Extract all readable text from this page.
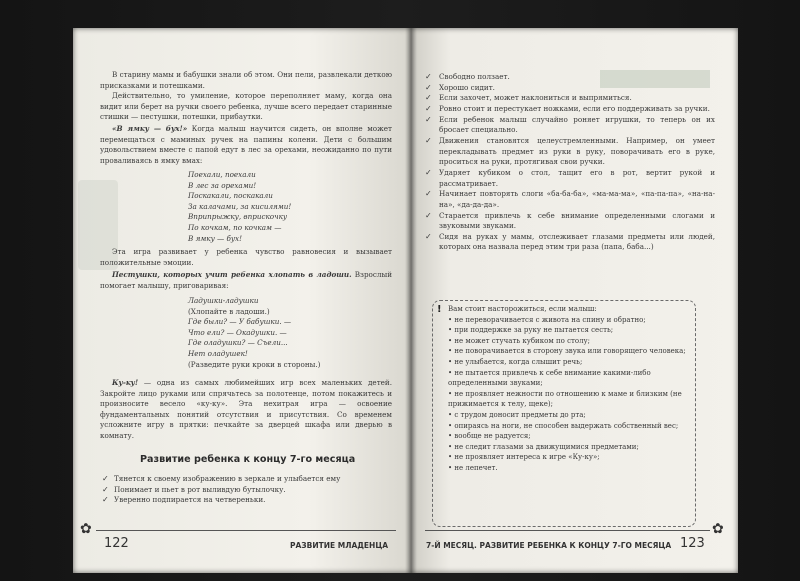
В старину мамы и бабушки знали об этом. Они пели, развлекали деткою присказками и потешками.
Действительно, то умиление, которое переполняет маму, когда она видит или берет на ручки своего ребенка, лучше всего передает старинные стишки — пестушки, потешки, прибаутки.
«В ямку — бух!» Когда малыш научится сидеть, он вполне может перемещаться с маминых ручек на папины колени. Дети с большим удовольствием вместе с папой едут в лес за орехами, неожиданно по пути проваливаясь в ямку вмах:
Поехали, поехали
В лес за орехами!
Поскакали, поскакали
За калачами, за кисилями!
Вприпрыжку, вприскочку
По кочкам, по кочкам —
В ямку — бух!
Эта игра развивает у ребенка чувство равновесия и вызывает положительные эмоции.
Пестушки, которых учит ребенка хлопать в ладоши. Взрослый помогает малышу, приговаривая:
Ладушки-ладушки
(Хлопайте в ладоши.)
Где были? — У бабушки. —
Что ели? — Окадушки. —
Где оладушки? — Съели...
Нет оладушек!
(Разведите руки кроки в стороны.)
Ку-ку! — одна из самых любимейших игр всех маленьких детей. Закройте лицо руками или спрячьтесь за полотенце, потом покажитесь и произносите весело «ку-ку». Эта нехитрая игра — освоение фундаментальных понятий отсутствия и присутствия. Со временем усложните игру в прятки: печкайте за дверцей шкафа или дверью в комнату.
Развитие ребенка к концу 7-го месяца
✓ Тянется к своему изображению в зеркале и улыбается ему
✓ Понимает и пьет в рот выливдую бутылочку.
✓ Уверенно подпирается на четвереньки.
✿
122	РАЗВИТИЕ МЛАДЕНЦА
✓ Свободно ползает.
✓ Хорошо сидит.
✓ Если захочет, может наклониться и выпрямиться.
✓ Ровно стоит и перестукает ножками, если его поддерживать за ручки.
✓ Если ребенок малыш случайно роняет игрушки, то теперь он их бросает специально.
✓ Движения становятся целеустремленными. Например, он умеет перекладывать предмет из руки в руку, поворачивать его в руке, проситься на руки, протягивая свои ручки.
✓ Ударяет кубиком о стол, тащит его в рот, вертит рукой и рассматривает.
✓ Начинает повторять слоги «ба-ба-ба», «ма-ма-ма», «па-па-па», «на-на-на», «да-да-да».
✓ Старается привлечь к себе внимание определенными слогами и звуковыми звуками.
✓ Сидя на руках у мамы, отслеживает глазами предметы или людей, которых она назвала перед этим три раза (папа, баба...)
! Вам стоит насторожиться, если малыш:
• не переворачивается с живота на спину и обратно;
• при поддержке за руку не пытается сесть;
• не может стучать кубиком по столу;
• не поворачивается в сторону звука или говорящего человека;
• не улыбается, когда слышит речь;
• не пытается привлечь к себе внимание какими-либо определенными звуками;
• не проявляет нежности по отношению к маме и близким (не прижимается к телу, щеке);
• с трудом доносит предметы до рта;
• опираясь на ноги, не способен выдержать собственный вес;
• вообще не радуется;
• не следит глазами за движущимися предметами;
• не проявляет интереса к игре «Ку-ку»;
• не лепечет.
7-Й МЕСЯЦ. РАЗВИТИЕ РЕБЕНКА К КОНЦУ 7-ГО МЕСЯЦА 123
✿
